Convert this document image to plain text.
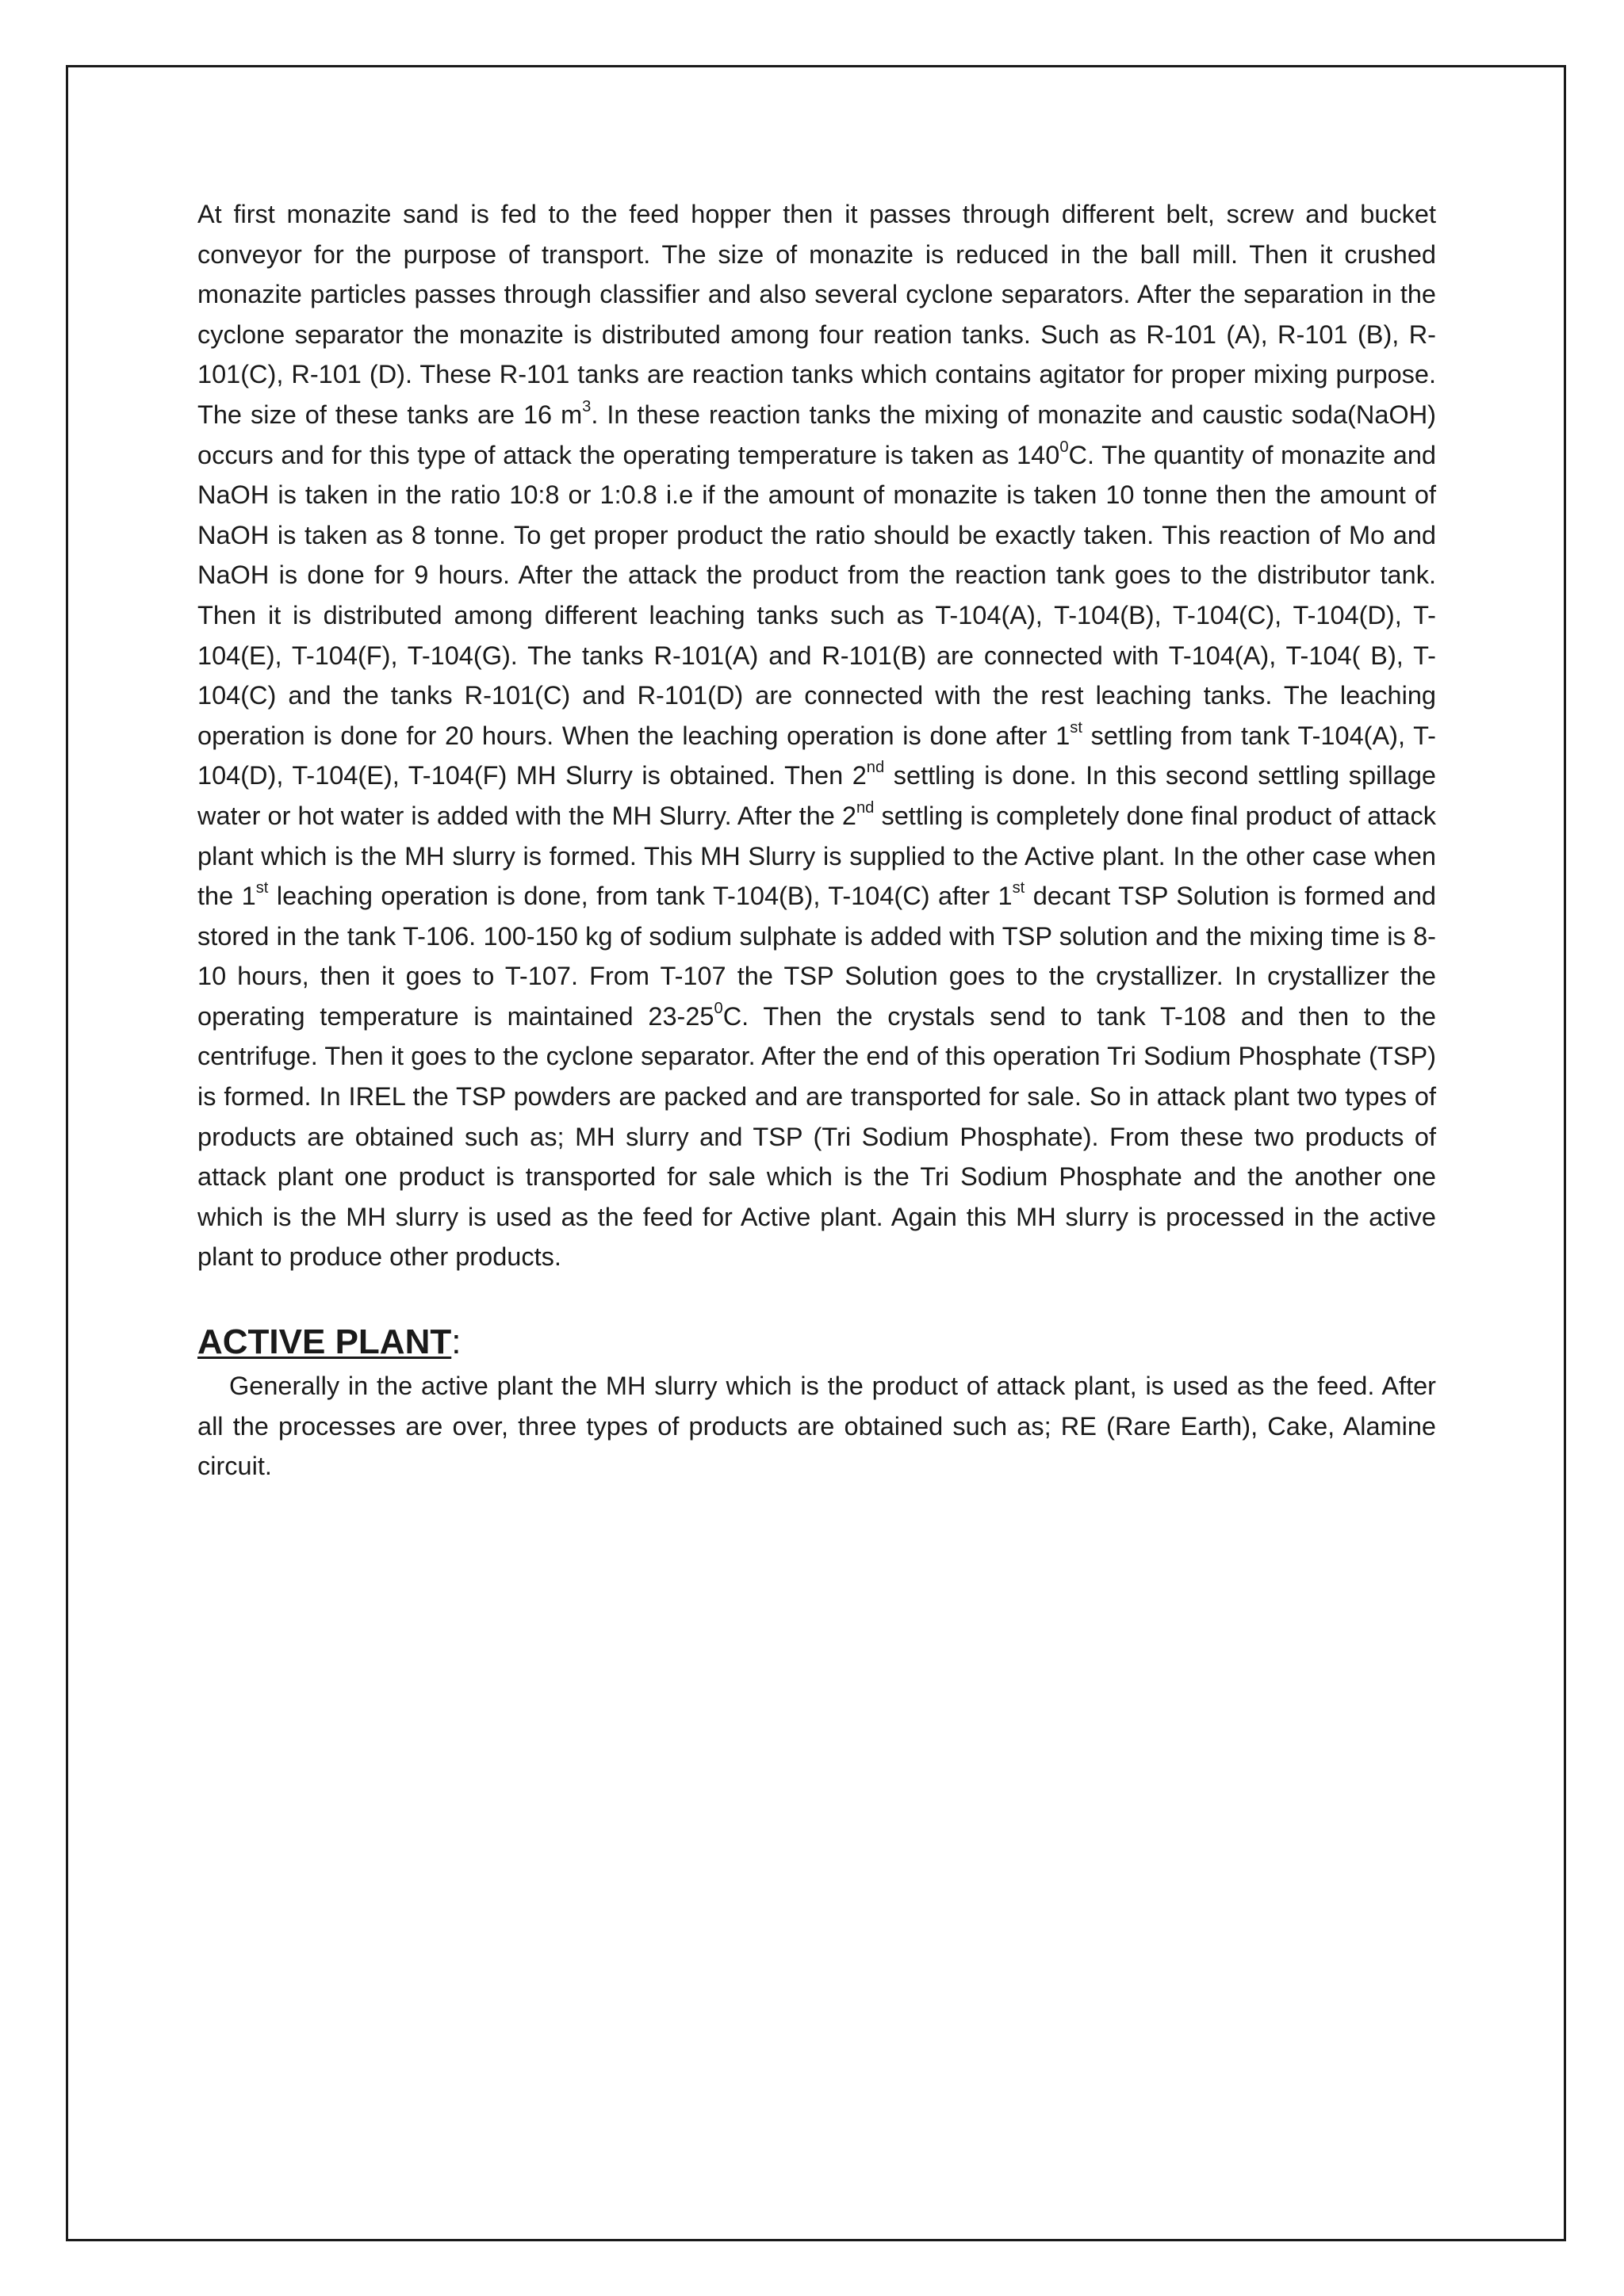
At first monazite sand is fed to the feed hopper then it passes through different belt, screw and bucket conveyor for the purpose of transport. The size of monazite is reduced in the ball mill. Then it crushed monazite particles passes through classifier and also several cyclone separators. After the separation in the cyclone separator the monazite is distributed among four reation tanks. Such as R-101 (A), R-101 (B), R-101(C), R-101 (D). These R-101 tanks are reaction tanks which contains agitator for proper mixing purpose. The size of these tanks are 16 $m^3$. In these reaction tanks the mixing of monazite and caustic soda(NaOH) occurs and for this type of attack the operating temperature is taken as $140^0C$. The quantity of monazite and NaOH is taken in the ratio 10:8 or 1:0.8 i.e if the amount of monazite is taken 10 tonne then the amount of NaOH is taken as 8 tonne. To get proper product the ratio should be exactly taken. This reaction of Mo and NaOH is done for 9 hours. After the attack the product from the reaction tank goes to the distributor tank. Then it is distributed among different leaching tanks such as T-104(A), T-104(B), T-104(C), T-104(D), T-104(E), T-104(F), T-104(G). The tanks R-101(A) and R-101(B) are connected with T-104(A), T-104( B), T-104(C) and the tanks R-101(C) and R-101(D) are connected with the rest leaching tanks. The leaching operation is done for 20 hours. When the leaching operation is done after 1st settling from tank T-104(A), T-104(D), T-104(E), T-104(F) MH Slurry is obtained. Then 2nd settling is done. In this second settling spillage water or hot water is added with the MH Slurry. After the 2nd settling is completely done final product of attack plant which is the MH slurry is formed. This MH Slurry is supplied to the Active plant. In the other case when the 1st leaching operation is done, from tank T-104(B), T-104(C) after 1st decant TSP Solution is formed and stored in the tank T-106. 100-150 kg of sodium sulphate is added with TSP solution and the mixing time is 8-10 hours, then it goes to T-107. From T-107 the TSP Solution goes to the crystallizer. In crystallizer the operating temperature is maintained $23-25^0C$. Then the crystals send to tank T-108 and then to the centrifuge. Then it goes to the cyclone separator. After the end of this operation Tri Sodium Phosphate (TSP) is formed. In IREL the TSP powders are packed and are transported for sale. So in attack plant two types of products are obtained such as; MH slurry and TSP (Tri Sodium Phosphate). From these two products of attack plant one product is transported for sale which is the Tri Sodium Phosphate and the another one which is the MH slurry is used as the feed for Active plant. Again this MH slurry is processed in the active plant to produce other products.

ACTIVE PLANT:

Generally in the active plant the MH slurry which is the product of attack plant, is used as the feed. After all the processes are over, three types of products are obtained such as; RE (Rare Earth), Cake, Alamine circuit.
